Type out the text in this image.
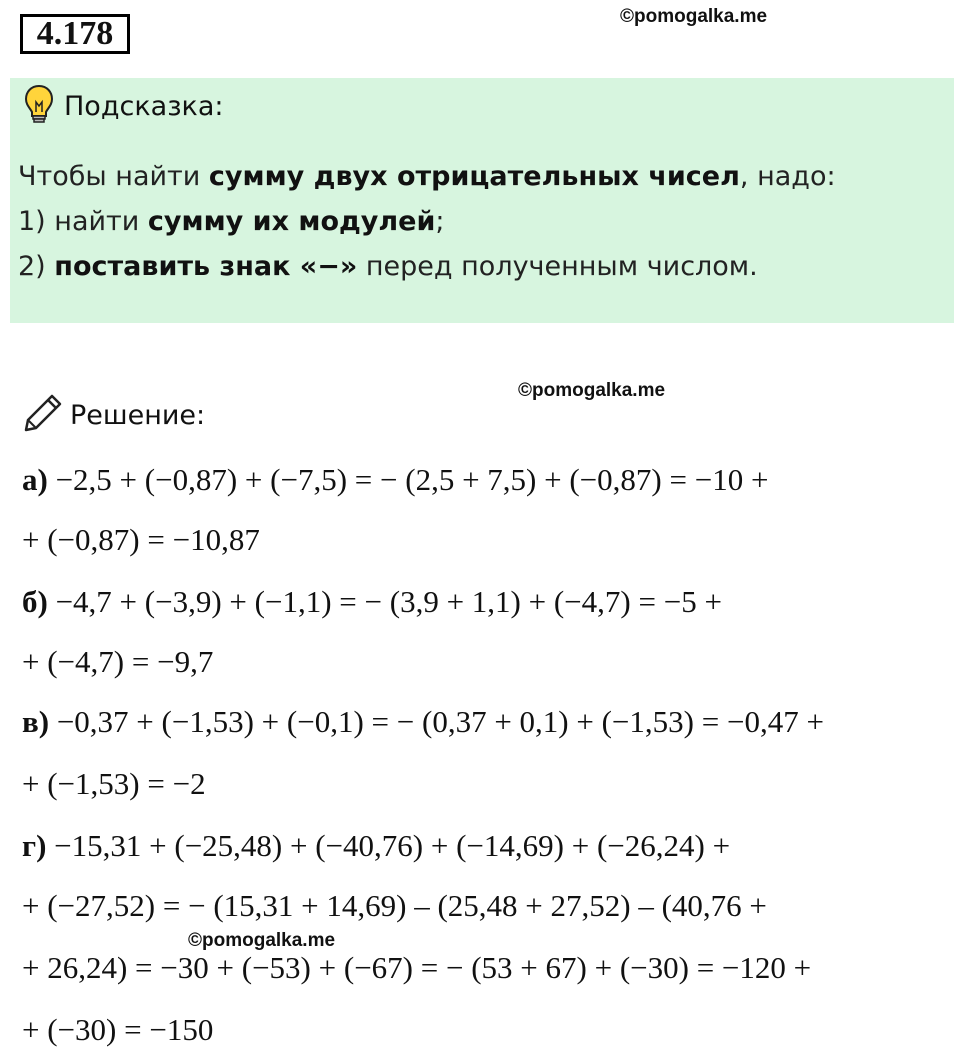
4.178	©pomogalka.me
Подсказка:
Чтобы найти сумму двух отрицательных чисел, надо:
1) найти сумму их модулей;
2) поставить знак «−» перед полученным числом.
©pomogalka.me
Решение:
а) −2,5 + (−0,87) + (−7,5) = − (2,5 + 7,5) + (−0,87) = −10 +
+ (−0,87) = −10,87
б) −4,7 + (−3,9) + (−1,1) = − (3,9 + 1,1) + (−4,7) = −5 +
+ (−4,7) = −9,7
в) −0,37 + (−1,53) + (−0,1) = − (0,37 + 0,1) + (−1,53) = −0,47 +
+ (−1,53) = −2
г) −15,31 + (−25,48) + (−40,76) + (−14,69) + (−26,24) +
+ (−27,52) = − (15,31 + 14,69) – (25,48 + 27,52) – (40,76 +
©pomogalka.me
+ 26,24) = −30 + (−53) + (−67) = − (53 + 67) + (−30) = −120 +
+ (−30) = −150
